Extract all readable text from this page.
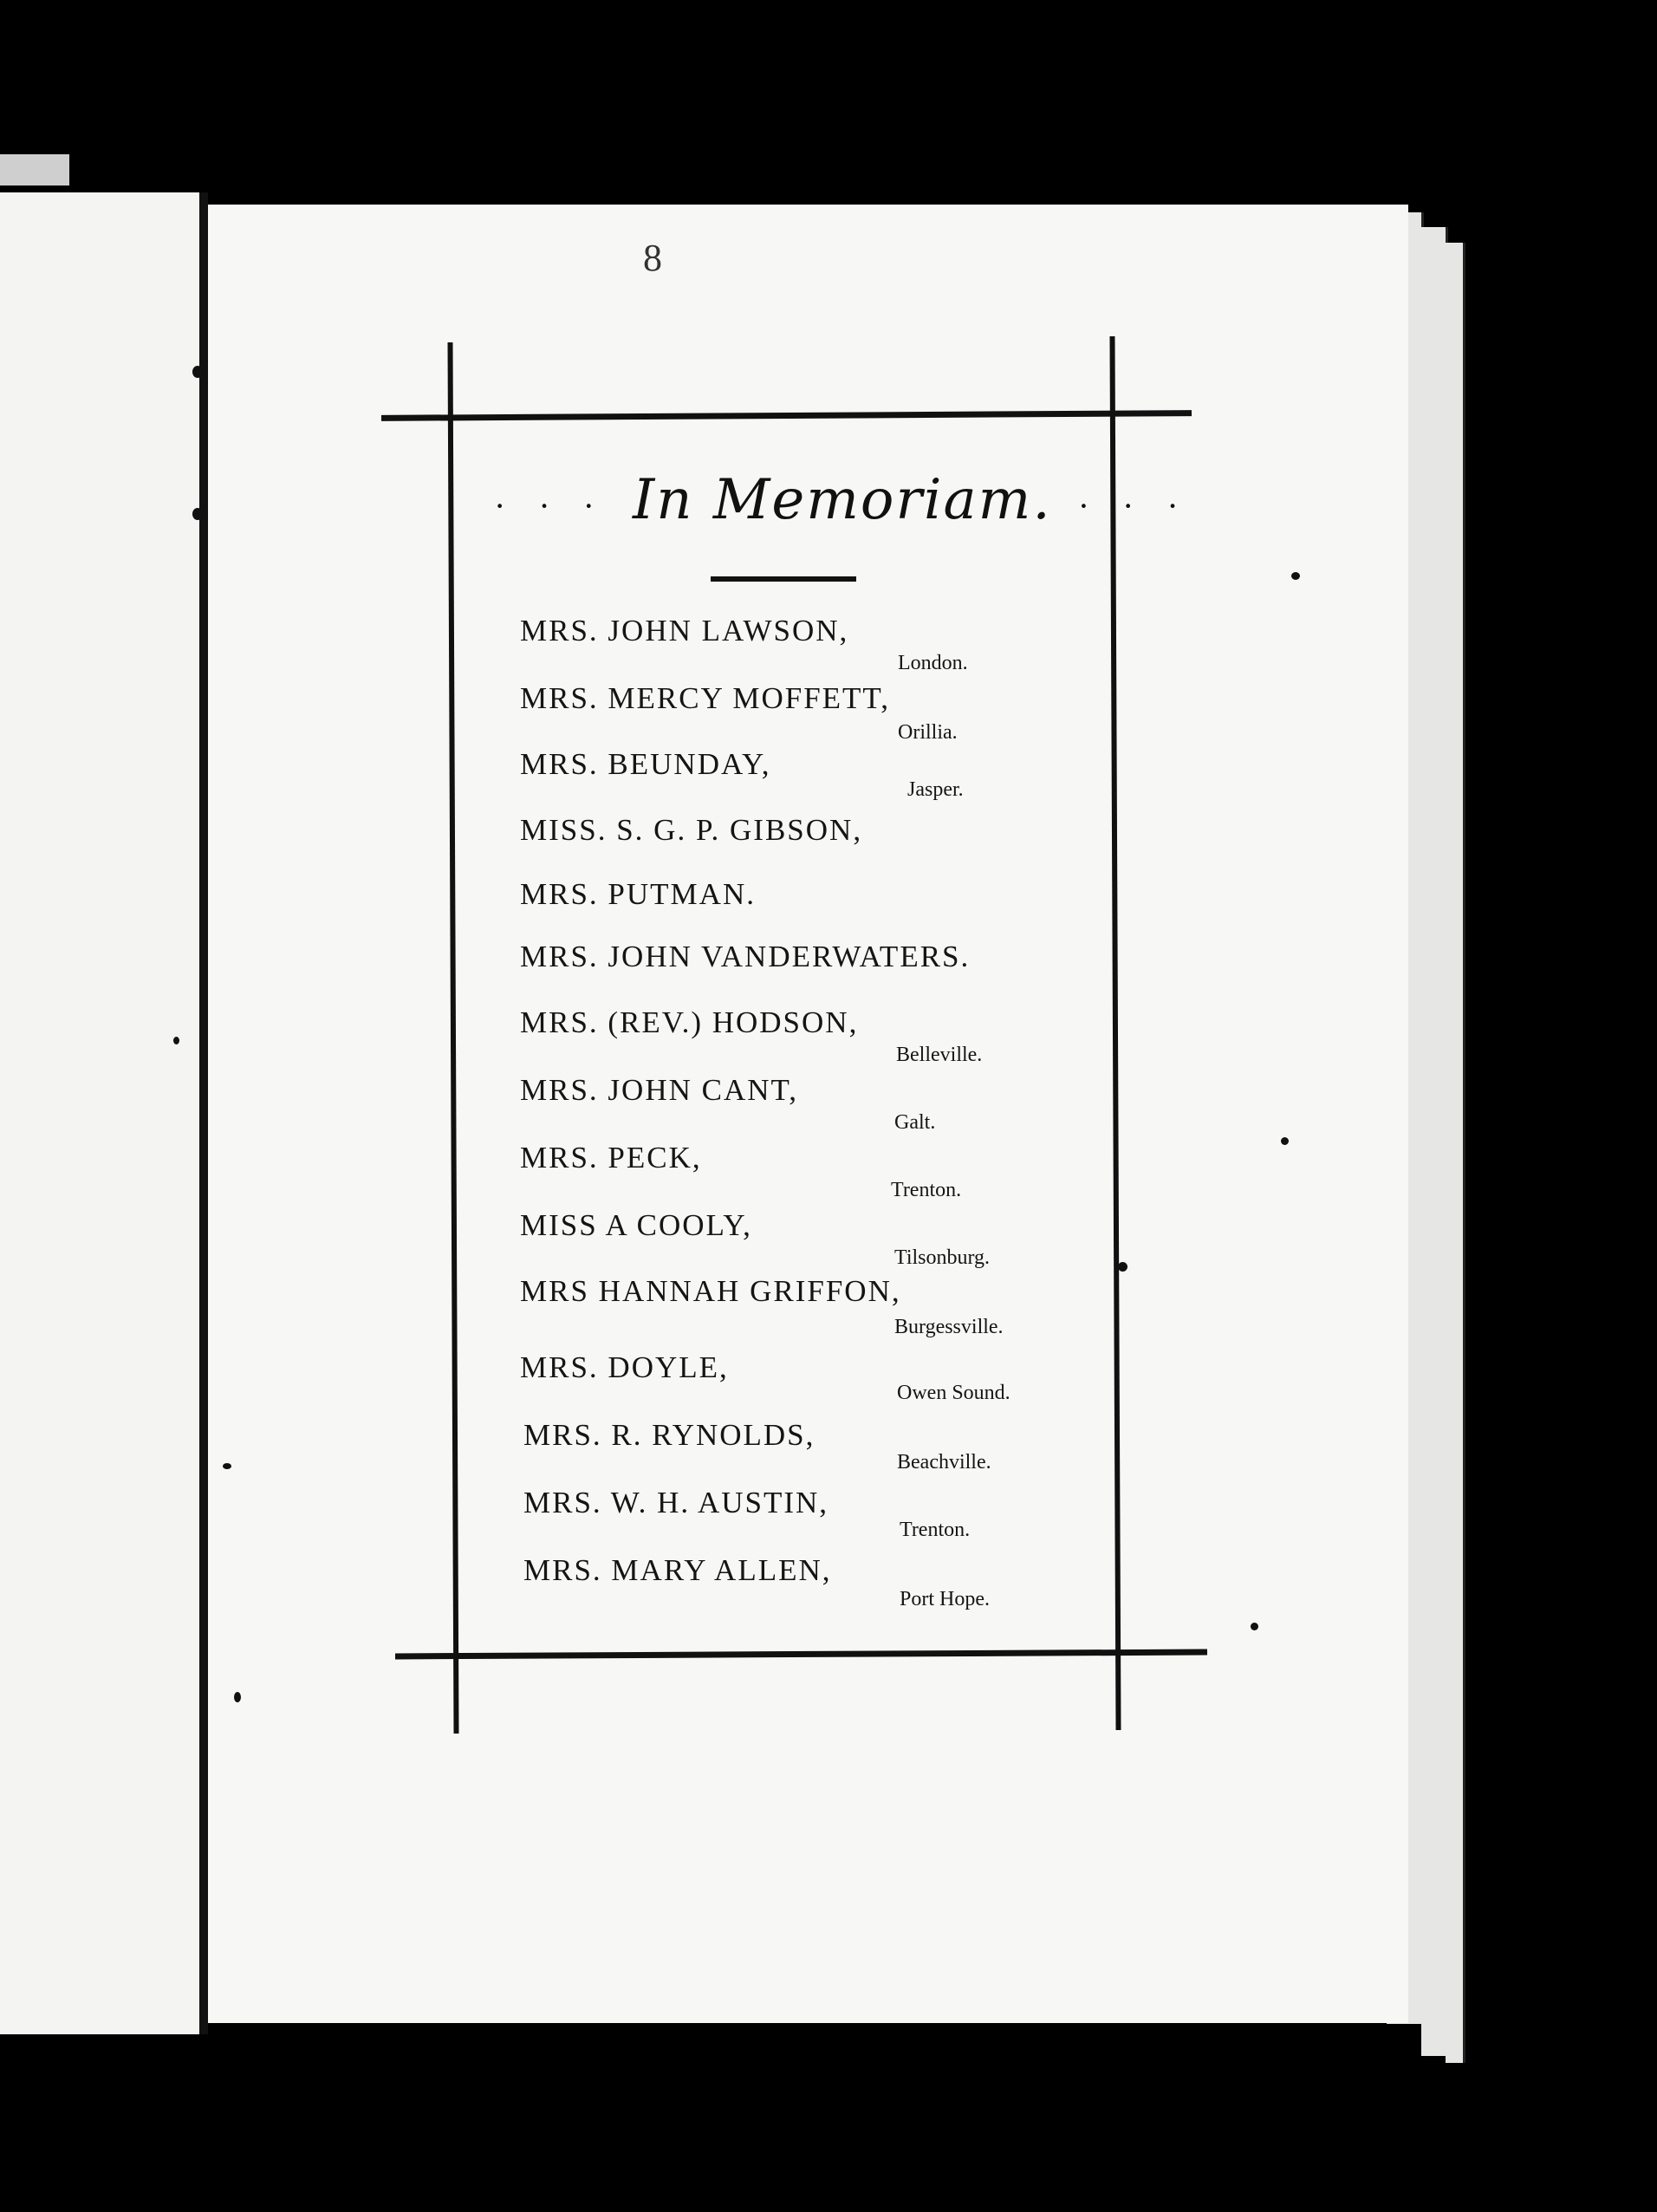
8
· · · In Memoriam. · · ·
MRS. JOHN LAWSON,
London.
MRS. MERCY MOFFETT,
Orillia.
MRS. BEUNDAY,
Jasper.
MISS. S. G. P. GIBSON,
MRS. PUTMAN.
MRS. JOHN VANDERWATERS.
MRS. (REV.) HODSON,
Belleville.
MRS. JOHN CANT,
Galt.
MRS. PECK,
Trenton.
MISS A COOLY,
Tilsonburg.
MRS HANNAH GRIFFON,
Burgessville.
MRS. DOYLE,
Owen Sound.
MRS. R. RYNOLDS,
Beachville.
MRS. W. H. AUSTIN,
Trenton.
MRS. MARY ALLEN,
Port Hope.
